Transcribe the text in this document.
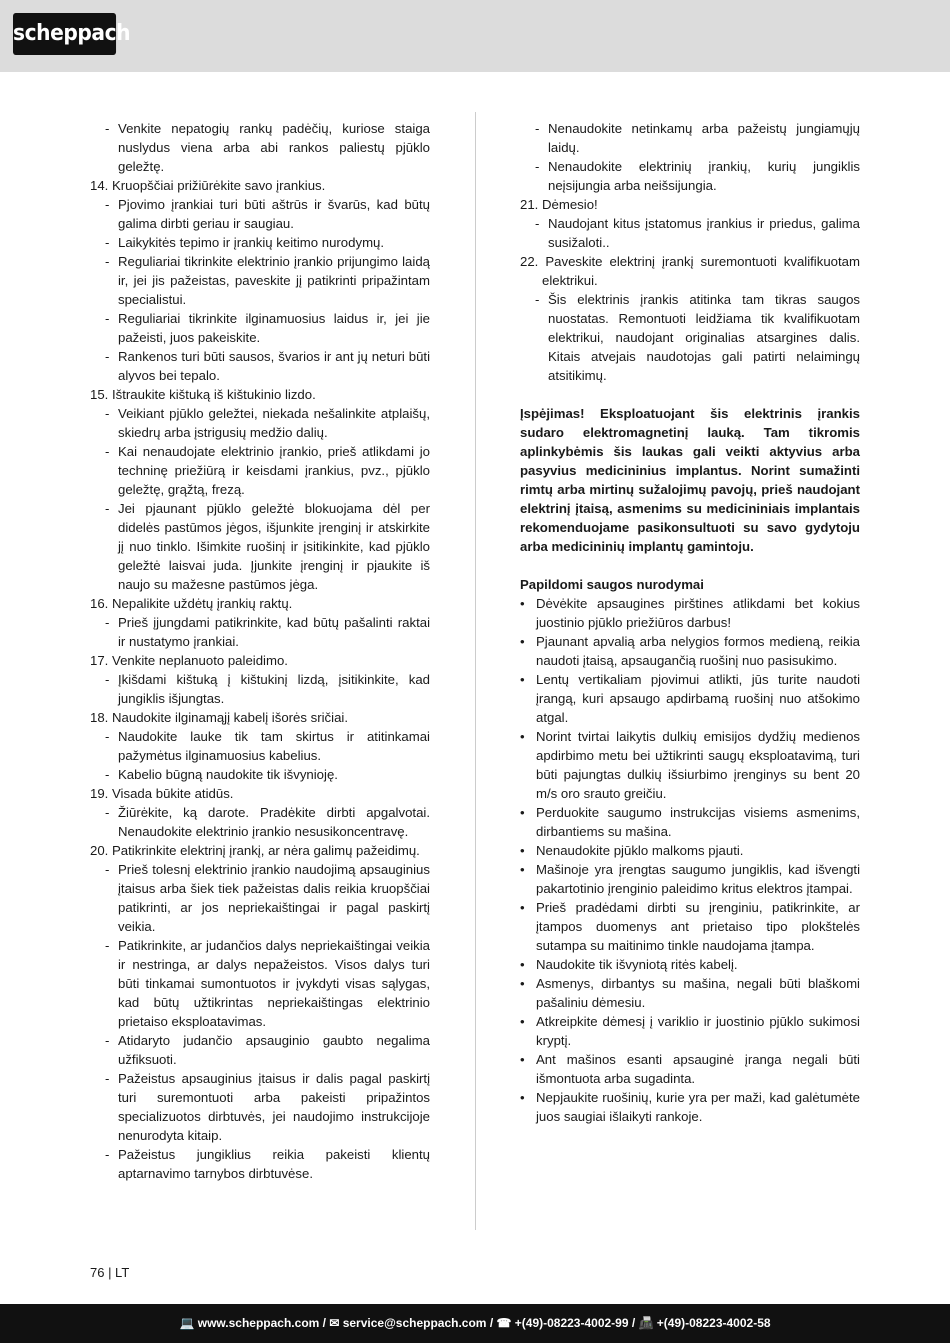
scheppach
- Venkite nepatogių rankų padėčių, kuriose staiga nuslydus viena arba abi rankos paliestų pjūklo geležtę.
14. Kruopščiai prižiūrėkite savo įrankius.
- Pjovimo įrankiai turi būti aštrūs ir švarūs, kad būtų galima dirbti geriau ir saugiau.
- Laikykitės tepimo ir įrankių keitimo nurodymų.
- Reguliariai tikrinkite elektrinio įrankio prijungimo laidą ir, jei jis pažeistas, paveskite jį patikrinti pripažintam specialistui.
- Reguliariai tikrinkite ilginamuosius laidus ir, jei jie pažeisti, juos pakeiskite.
- Rankenos turi būti sausos, švarios ir ant jų neturi būti alyvos bei tepalo.
15. Ištraukite kištuką iš kištukinio lizdo.
- Veikiant pjūklo geležtei, niekada nešalinkite atplaišų, skiedrų arba įstrigusių medžio dalių.
- Kai nenaudojate elektrinio įrankio, prieš atlikdami jo techninę priežiūrą ir keisdami įrankius, pvz., pjūklo geležtę, grąžtą, frezą.
- Jei pjaunant pjūklo geležtė blokuojama dėl per didelės pastūmos jėgos, išjunkite įrenginį ir atskirkite jį nuo tinklo. Išimkite ruošinį ir įsitikinkite, kad pjūklo geležtė laisvai juda. Įjunkite įrenginį ir pjaukite iš naujo su mažesne pastūmos jėga.
16. Nepalikite uždėtų įrankių raktų.
- Prieš įjungdami patikrinkite, kad būtų pašalinti raktai ir nustatymo įrankiai.
17. Venkite neplanuoto paleidimo.
- Įkišdami kištuką į kištukinį lizdą, įsitikinkite, kad jungiklis išjungtas.
18. Naudokite ilginamąjį kabelį išorės sričiai.
- Naudokite lauke tik tam skirtus ir atitinkamai pažymėtus ilginamuosius kabelius.
- Kabelio būgną naudokite tik išvynioję.
19. Visada būkite atidūs.
- Žiūrėkite, ką darote. Pradėkite dirbti apgalvotai. Nenaudokite elektrinio įrankio nesusikoncentravę.
20. Patikrinkite elektrinį įrankį, ar nėra galimų pažeidimų.
- Prieš tolesnį elektrinio įrankio naudojimą apsauginius įtaisus arba šiek tiek pažeistas dalis reikia kruopščiai patikrinti, ar jos nepriekaištingai ir pagal paskirtį veikia.
- Patikrinkite, ar judančios dalys nepriekaištingai veikia ir nestringa, ar dalys nepažeistos. Visos dalys turi būti tinkamai sumontuotos ir įvykdyti visas sąlygas, kad būtų užtikrintas nepriekaištingas elektrinio prietaiso eksploatavimas.
- Atidaryto judančio apsauginio gaubto negalima užfiksuoti.
- Pažeistus apsauginius įtaisus ir dalis pagal paskirtį turi suremontuoti arba pakeisti pripažintos specializuotos dirbtuvės, jei naudojimo instrukcijoje nenurodyta kitaip.
- Pažeistus jungiklius reikia pakeisti klientų aptarnavimo tarnybos dirbtuvėse.
- Nenaudokite netinkamų arba pažeistų jungiamųjų laidų.
- Nenaudokite elektrinių įrankių, kurių jungiklis neįsijungia arba neišsijungia.
21. Dėmesio!
- Naudojant kitus įstatomus įrankius ir priedus, galima susižaloti..
22. Paveskite elektrinį įrankį suremontuoti kvalifikuotam elektrikui.
- Šis elektrinis įrankis atitinka tam tikras saugos nuostatas. Remontuoti leidžiama tik kvalifikuotam elektrikui, naudojant originalias atsargines dalis. Kitais atvejais naudotojas gali patirti nelaimingų atsitikimų.
Įspėjimas! Eksploatuojant šis elektrinis įrankis sudaro elektromagnetinį lauką. Tam tikromis aplinkybėmis šis laukas gali veikti aktyvius arba pasyvius medicininius implantus. Norint sumažinti rimtų arba mirtinų sužalojimų pavojų, prieš naudojant elektrinį įtaisą, asmenims su medicininiais implantais rekomenduojame pasikonsultuoti su savo gydytoju arba medicininių implantų gamintoju.
Papildomi saugos nurodymai
• Dėvėkite apsaugines pirštines atlikdami bet kokius juostinio pjūklo priežiūros darbus!
• Pjaunant apvalią arba nelygios formos medieną, reikia naudoti įtaisą, apsaugančią ruošinį nuo pasisukimo.
• Lentų vertikaliam pjovimui atlikti, jūs turite naudoti įrangą, kuri apsaugo apdirbamą ruošinį nuo atšokimo atgal.
• Norint tvirtai laikytis dulkių emisijos dydžių medienos apdirbimo metu bei užtikrinti saugų eksploatavimą, turi būti pajungtas dulkių išsiurbimo įrenginys su bent 20 m/s oro srauto greičiu.
• Perduokite saugumo instrukcijas visiems asmenims, dirbantiems su mašina.
• Nenaudokite pjūklo malkoms pjauti.
• Mašinoje yra įrengtas saugumo jungiklis, kad išvengti pakartotinio įrenginio paleidimo kritus elektros įtampai.
• Prieš pradėdami dirbti su įrenginiu, patikrinkite, ar įtampos duomenys ant prietaiso tipo plokštelės sutampa su maitinimo tinkle naudojama įtampa.
• Naudokite tik išvyniotą ritės kabelį.
• Asmenys, dirbantys su mašina, negali būti blaškomi pašaliniu dėmesiu.
• Atkreipkite dėmesį į variklio ir juostinio pjūklo sukimosi kryptį.
• Ant mašinos esanti apsauginė įranga negali būti išmontuota arba sugadinta.
• Nepjaukite ruošinių, kurie yra per maži, kad galėtumėte juos saugiai išlaikyti rankoje.
76 | LT
💻 www.scheppach.com / ✉ service@scheppach.com / ☎ +(49)-08223-4002-99 / 📠 +(49)-08223-4002-58
